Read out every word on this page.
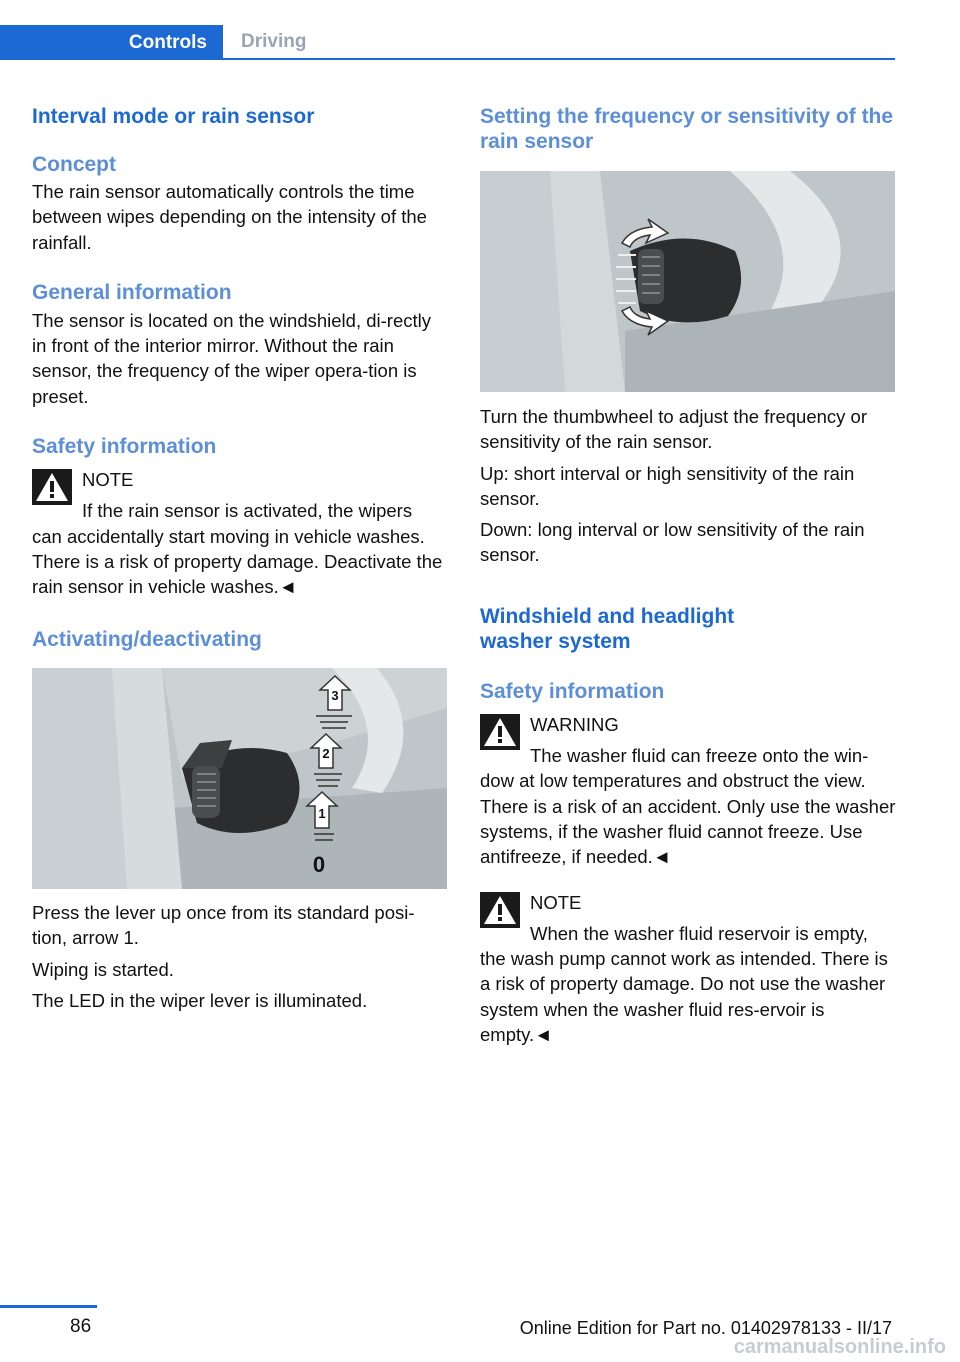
Controls	Driving
Interval mode or rain sensor
Concept

The rain sensor automatically controls the time between wipes depending on the intensity of the rainfall.

General information

The sensor is located on the windshield, di‐rectly in front of the interior mirror. Without the rain sensor, the frequency of the wiper opera‐tion is preset.

Safety information

NOTE

If the rain sensor is activated, the wipers

can accidentally start moving in vehicle washes. There is a risk of property damage. Deactivate the rain sensor in vehicle washes.◄

Activating/deactivating
3
2
1
0

Press the lever up once from its standard posi‐tion, arrow 1.

Wiping is started.

The LED in the wiper lever is illuminated.

Setting the frequency or sensitivity of the rain sensor

Turn the thumbwheel to adjust the frequency or sensitivity of the rain sensor.

Up: short interval or high sensitivity of the rain sensor.

Down: long interval or low sensitivity of the rain sensor.

Windshield and headlight washer system
Safety information

WARNING

The washer fluid can freeze onto the win‐

dow at low temperatures and obstruct the view. There is a risk of an accident. Only use the washer systems, if the washer fluid cannot freeze. Use antifreeze, if needed.◄

NOTE

When the washer fluid reservoir is empty,

the wash pump cannot work as intended. There is a risk of property damage. Do not use the washer system when the washer fluid res‐ervoir is empty.◄

86	Online Edition for Part no. 01402978133 - II/17
carmanualsonline.info
